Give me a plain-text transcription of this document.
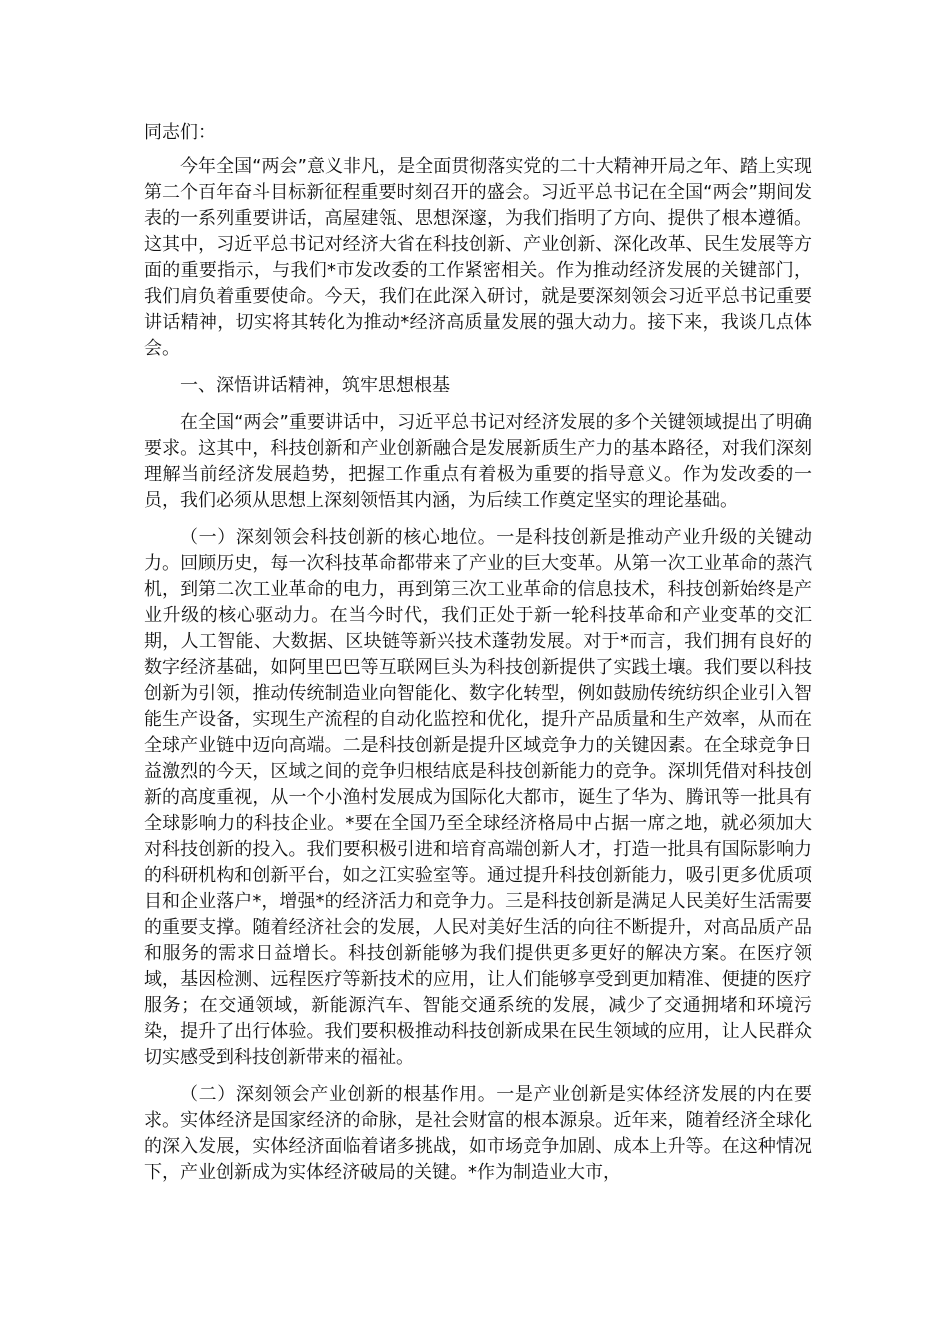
同志们：

今年全国“两会”意义非凡，是全面贯彻落实党的二十大精神开局之年、踏上实现第二个百年奋斗目标新征程重要时刻召开的盛会。习近平总书记在全国“两会”期间发表的一系列重要讲话，高屋建瓴、思想深邃，为我们指明了方向、提供了根本遵循。这其中，习近平总书记对经济大省在科技创新、产业创新、深化改革、民生发展等方面的重要指示，与我们*市发改委的工作紧密相关。作为推动经济发展的关键部门，我们肩负着重要使命。今天，我们在此深入研讨，就是要深刻领会习近平总书记重要讲话精神，切实将其转化为推动*经济高质量发展的强大动力。接下来，我谈几点体会。

一、深悟讲话精神，筑牢思想根基

在全国“两会”重要讲话中，习近平总书记对经济发展的多个关键领域提出了明确要求。这其中，科技创新和产业创新融合是发展新质生产力的基本路径，对我们深刻理解当前经济发展趋势，把握工作重点有着极为重要的指导意义。作为发改委的一员，我们必须从思想上深刻领悟其内涵，为后续工作奠定坚实的理论基础。

（一）深刻领会科技创新的核心地位。一是科技创新是推动产业升级的关键动力。回顾历史，每一次科技革命都带来了产业的巨大变革。从第一次工业革命的蒸汽机，到第二次工业革命的电力，再到第三次工业革命的信息技术，科技创新始终是产业升级的核心驱动力。在当今时代，我们正处于新一轮科技革命和产业变革的交汇期，人工智能、大数据、区块链等新兴技术蓬勃发展。对于*而言，我们拥有良好的数字经济基础，如阿里巴巴等互联网巨头为科技创新提供了实践土壤。我们要以科技创新为引领，推动传统制造业向智能化、数字化转型，例如鼓励传统纺织企业引入智能生产设备，实现生产流程的自动化监控和优化，提升产品质量和生产效率，从而在全球产业链中迈向高端。二是科技创新是提升区域竞争力的关键因素。在全球竞争日益激烈的今天，区域之间的竞争归根结底是科技创新能力的竞争。深圳凭借对科技创新的高度重视，从一个小渔村发展成为国际化大都市，诞生了华为、腾讯等一批具有全球影响力的科技企业。*要在全国乃至全球经济格局中占据一席之地，就必须加大对科技创新的投入。我们要积极引进和培育高端创新人才，打造一批具有国际影响力的科研机构和创新平台，如之江实验室等。通过提升科技创新能力，吸引更多优质项目和企业落户*，增强*的经济活力和竞争力。三是科技创新是满足人民美好生活需要的重要支撑。随着经济社会的发展，人民对美好生活的向往不断提升，对高品质产品和服务的需求日益增长。科技创新能够为我们提供更多更好的解决方案。在医疗领域，基因检测、远程医疗等新技术的应用，让人们能够享受到更加精准、便捷的医疗服务；在交通领域，新能源汽车、智能交通系统的发展，减少了交通拥堵和环境污染，提升了出行体验。我们要积极推动科技创新成果在民生领域的应用，让人民群众切实感受到科技创新带来的福祉。

（二）深刻领会产业创新的根基作用。一是产业创新是实体经济发展的内在要求。实体经济是国家经济的命脉，是社会财富的根本源泉。近年来，随着经济全球化的深入发展，实体经济面临着诸多挑战，如市场竞争加剧、成本上升等。在这种情况下，产业创新成为实体经济破局的关键。*作为制造业大市，
